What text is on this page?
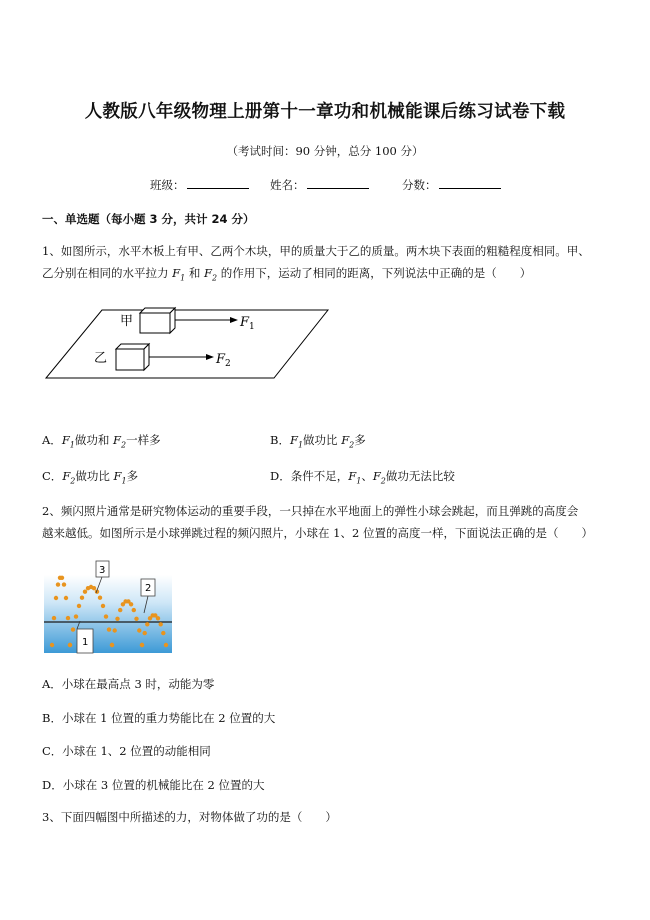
人教版八年级物理上册第十一章功和机械能课后练习试卷下载
（考试时间：90 分钟，总分 100 分）
班级：	姓名：	分数：
一、单选题（每小题 3 分，共计 24 分）
1、如图所示，水平木板上有甲、乙两个木块，甲的质量大于乙的质量。两木块下表面的粗糙程度相同。甲、
乙分别在相同的水平拉力 $F_1$ 和 $F_2$ 的作用下，运动了相同的距离，下列说法中正确的是（　　）
甲	$F_1$
乙	$F_2$
A．$F_1$做功和 $F_2$一样多	B．$F_1$做功比 $F_2$多
C．$F_2$做功比 $F_1$多	D．条件不足，$F_1$、$F_2$做功无法比较
2、频闪照片通常是研究物体运动的重要手段，一只掉在水平地面上的弹性小球会跳起，而且弹跳的高度会
越来越低。如图所示是小球弹跳过程的频闪照片，小球在 1、2 位置的高度一样，下面说法正确的是（　　）
3
2
1
A．小球在最高点 3 时，动能为零
B．小球在 1 位置的重力势能比在 2 位置的大
C．小球在 1、2 位置的动能相同
D．小球在 3 位置的机械能比在 2 位置的大
3、下面四幅图中所描述的力，对物体做了功的是（　　）
